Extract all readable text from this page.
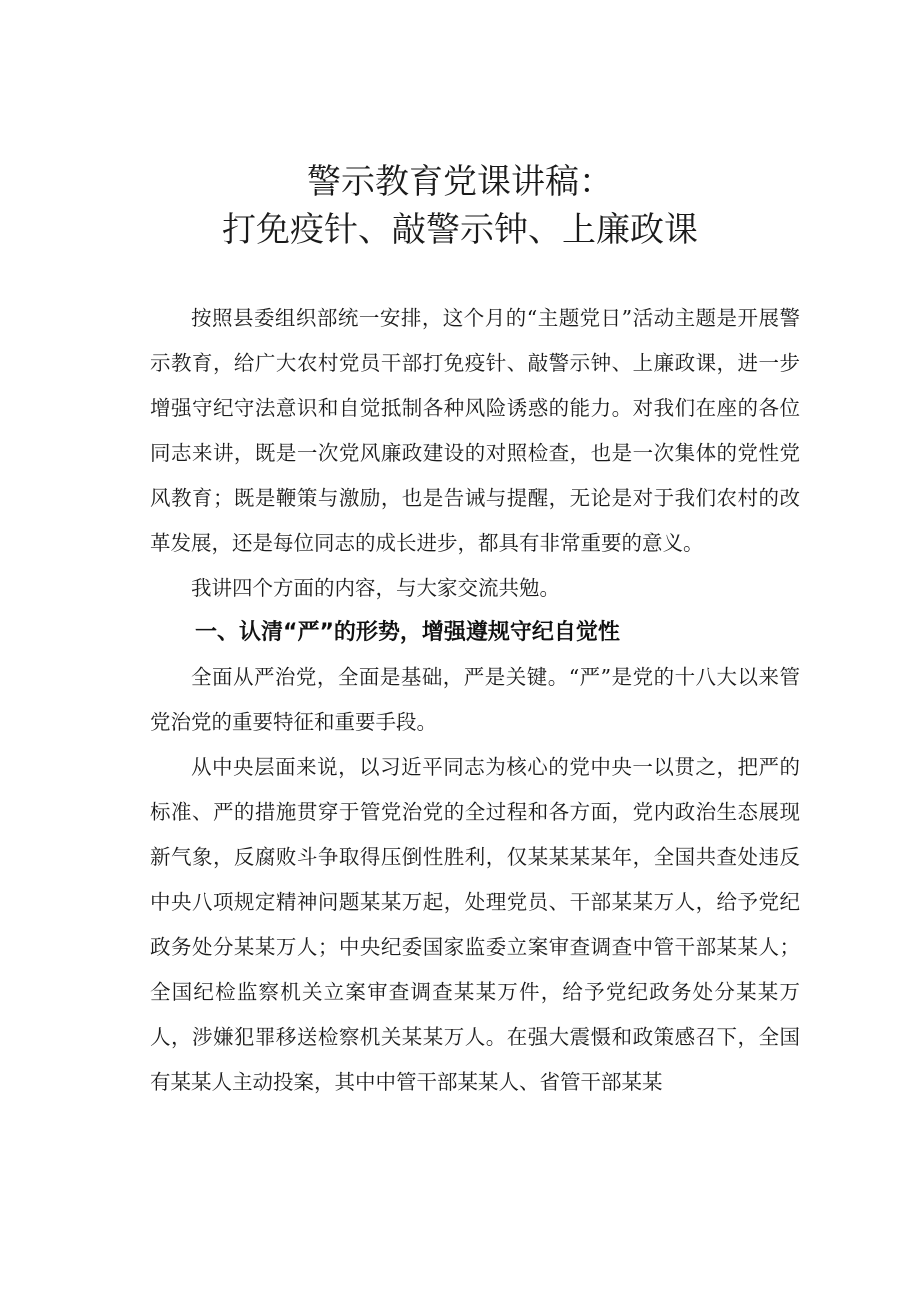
警示教育党课讲稿：
打免疫针、敲警示钟、上廉政课

按照县委组织部统一安排，这个月的“主题党日”活动主题是开展警示教育，给广大农村党员干部打免疫针、敲警示钟、上廉政课，进一步增强守纪守法意识和自觉抵制各种风险诱惑的能力。对我们在座的各位同志来讲，既是一次党风廉政建设的对照检查，也是一次集体的党性党风教育；既是鞭策与激励，也是告诫与提醒，无论是对于我们农村的改革发展，还是每位同志的成长进步，都具有非常重要的意义。

我讲四个方面的内容，与大家交流共勉。

一、认清“严”的形势，增强遵规守纪自觉性

全面从严治党，全面是基础，严是关键。“严”是党的十八大以来管党治党的重要特征和重要手段。

从中央层面来说，以习近平同志为核心的党中央一以贯之，把严的标准、严的措施贯穿于管党治党的全过程和各方面，党内政治生态展现新气象，反腐败斗争取得压倒性胜利，仅某某某某年，全国共查处违反中央八项规定精神问题某某万起，处理党员、干部某某万人，给予党纪政务处分某某万人；中央纪委国家监委立案审查调查中管干部某某人；全国纪检监察机关立案审查调查某某万件，给予党纪政务处分某某万人，涉嫌犯罪移送检察机关某某万人。在强大震慑和政策感召下，全国有某某人主动投案，其中中管干部某某人、省管干部某某
